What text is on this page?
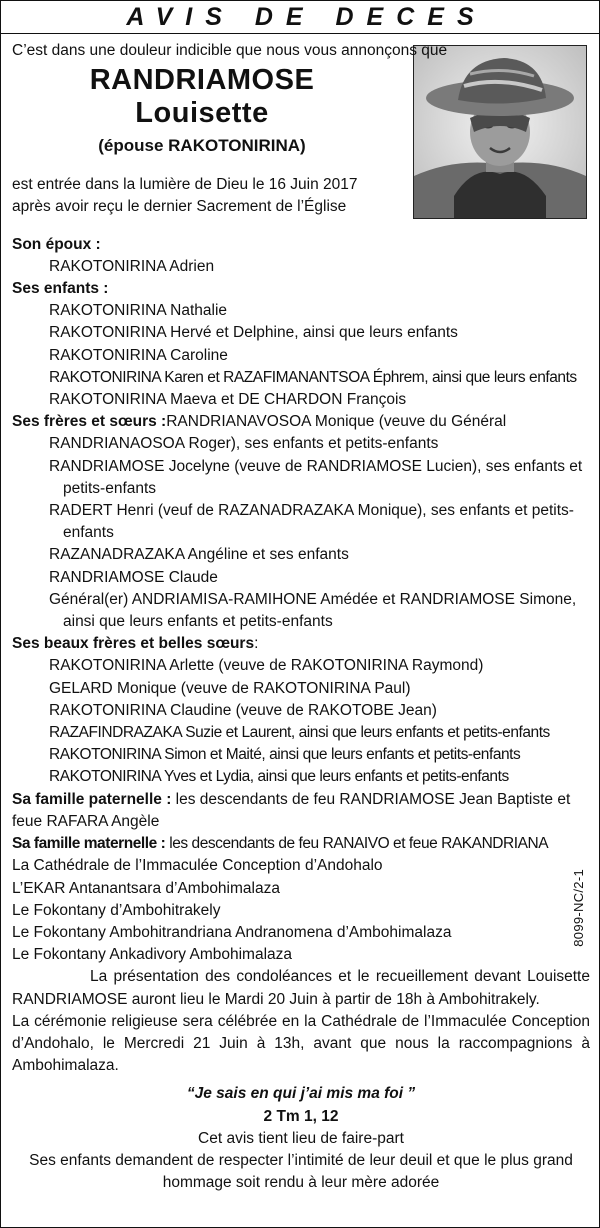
AVIS DE DECES
C’est dans une douleur indicible que nous vous annonçons que
RANDRIAMOSE
Louisette
(épouse RAKOTONIRINA)
est entrée dans la lumière de Dieu le 16 Juin 2017
après avoir reçu le dernier Sacrement de l’Église
Son époux :
RAKOTONIRINA Adrien
Ses enfants :
RAKOTONIRINA Nathalie
RAKOTONIRINA Hervé et Delphine, ainsi que leurs enfants
RAKOTONIRINA Caroline
RAKOTONIRINA Karen et RAZAFIMANANTSOA Éphrem, ainsi que leurs enfants
RAKOTONIRINA Maeva et DE CHARDON François
Ses frères et sœurs :RANDRIANAVOSOA Monique (veuve du Général RANDRIANAOSOA Roger), ses enfants et petits-enfants
RANDRIAMOSE Jocelyne (veuve de RANDRIAMOSE Lucien), ses enfants et petits-enfants
RADERT Henri (veuf de RAZANADRAZAKA Monique), ses enfants et petits-enfants
RAZANADRAZAKA Angéline et ses enfants
RANDRIAMOSE Claude
Général(er) ANDRIAMISA-RAMIHONE Amédée et RANDRIAMOSE Simone, ainsi que leurs enfants et petits-enfants
Ses beaux frères et belles sœurs:
RAKOTONIRINA Arlette (veuve de RAKOTONIRINA Raymond)
GELARD Monique (veuve de RAKOTONIRINA Paul)
RAKOTONIRINA Claudine (veuve de RAKOTOBE Jean)
RAZAFINDRAZAKA Suzie et Laurent, ainsi que leurs enfants et petits-enfants
RAKOTONIRINA Simon et Maité, ainsi que leurs enfants et petits-enfants
RAKOTONIRINA Yves et Lydia, ainsi que leurs enfants et petits-enfants
Sa famille paternelle : les descendants de feu RANDRIAMOSE Jean Baptiste et feue RAFARA Angèle
Sa famille maternelle : les descendants de feu RANAIVO et feue RAKANDRIANA
La Cathédrale de l’Immaculée Conception d’Andohalo
L’EKAR Antanantsara d’Ambohimalaza
Le Fokontany d’Ambohitrakely
Le Fokontany Ambohitrandriana Andranomena d’Ambohimalaza
Le Fokontany Ankadivory Ambohimalaza
La présentation des condoléances et le recueillement devant Louisette RANDRIAMOSE auront lieu le Mardi 20 Juin à partir de 18h à Ambohitrakely.
La cérémonie religieuse sera célébrée en la Cathédrale de l’Immaculée Conception d’Andohalo, le Mercredi 21 Juin à 13h, avant que nous la raccompagnions à Ambohimalaza.
“Je sais en qui j’ai mis ma foi ”
2 Tm 1, 12
Cet avis tient lieu de faire-part
Ses enfants demandent de respecter l’intimité de leur deuil et que le plus grand hommage soit rendu à leur mère adorée
8099-NC/2-1
